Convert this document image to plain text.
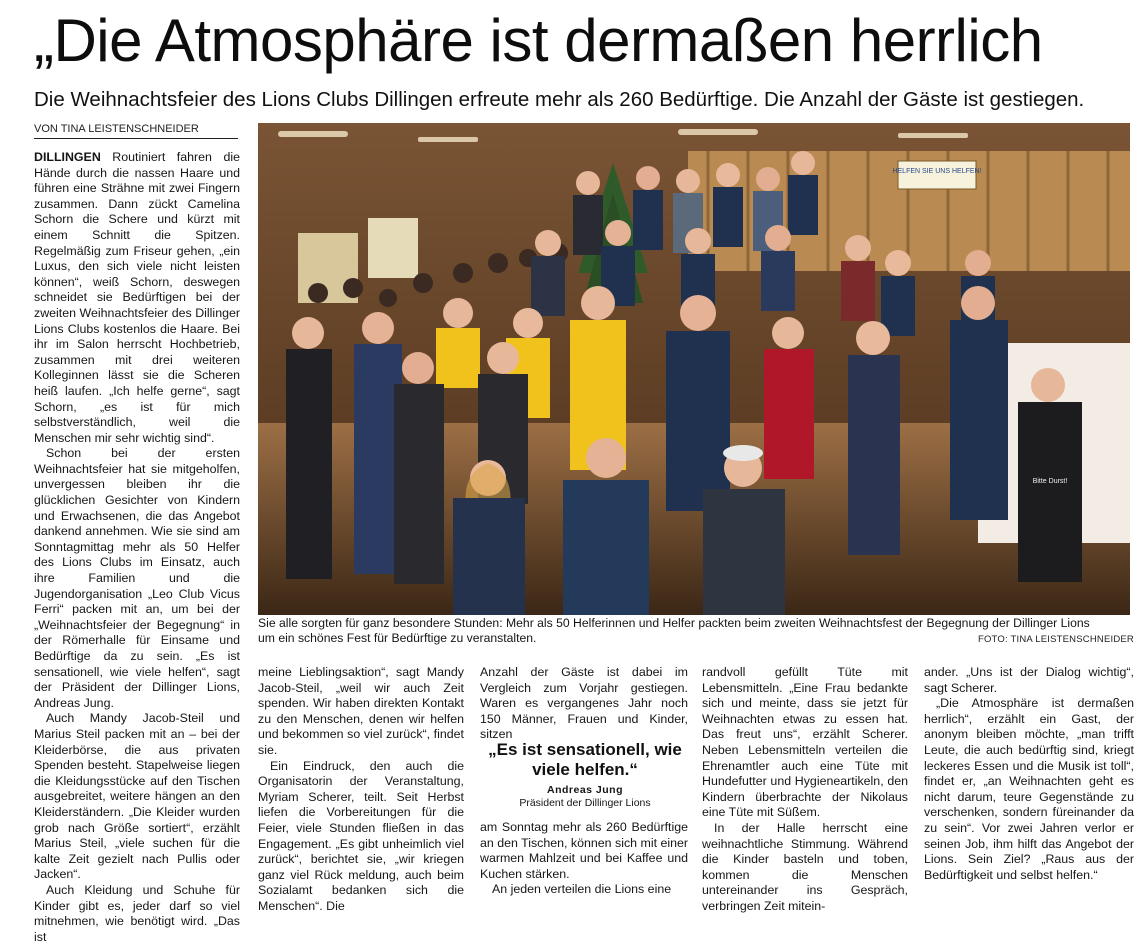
„Die Atmosphäre ist dermaßen herrlich
Die Weihnachtsfeier des Lions Clubs Dillingen erfreute mehr als 260 Bedürftige. Die Anzahl der Gäste ist gestiegen.
VON TINA LEISTENSCHNEIDER

DILLINGEN Routiniert fahren die Hände durch die nassen Haare und führen eine Strähne mit zwei Fingern zusammen. Dann zückt Camelina Schorn die Schere und kürzt mit einem Schnitt die Spitzen. Regelmäßig zum Friseur gehen, „ein Luxus, den sich viele nicht leisten können“, weiß Schorn, deswegen schneidet sie Bedürftigen bei der zweiten Weihnachtsfeier des Dillinger Lions Clubs kostenlos die Haare. Bei ihr im Salon herrscht Hochbetrieb, zusammen mit drei weiteren Kolleginnen lässt sie die Scheren heiß laufen. „Ich helfe gerne“, sagt Schorn, „es ist für mich selbstverständlich, weil die Menschen mir sehr wichtig sind“.

Schon bei der ersten Weihnachtsfeier hat sie mitgeholfen, unvergessen bleiben ihr die glücklichen Gesichter von Kindern und Erwachsenen, die das Angebot dankend annehmen. Wie sie sind am Sonntagmittag mehr als 50 Helfer des Lions Clubs im Einsatz, auch ihre Familien und die Jugendorganisation „Leo Club Vicus Ferri“ packen mit an, um bei der „Weihnachtsfeier der Begegnung“ in der Römerhalle für Einsame und Bedürftige da zu sein. „Es ist sensationell, wie viele helfen“, sagt der Präsident der Dillinger Lions, Andreas Jung.

Auch Mandy Jacob-Steil und Marius Steil packen mit an – bei der Kleiderbörse, die aus privaten Spenden besteht. Stapelweise liegen die Kleidungsstücke auf den Tischen ausgebreitet, weitere hängen an den Kleiderständern. „Die Kleider wurden grob nach Größe sortiert“, erzählt Marius Steil, „viele suchen für die kalte Zeit gezielt nach Pullis oder Jacken“.

Auch Kleidung und Schuhe für Kinder gibt es, jeder darf so viel mitnehmen, wie benötigt wird. „Das ist

HELFEN SIE UNS HELFEN!
Bitte Durst!
Sie alle sorgten für ganz besondere Stunden: Mehr als 50 Helferinnen und Helfer packten beim zweiten Weihnachtsfest der Begegnung der Dillinger Lions
um ein schönes Fest für Bedürftige zu veranstalten.	FOTO: TINA LEISTENSCHNEIDER

meine Lieblingsaktion“, sagt Mandy Jacob-Steil, „weil wir auch Zeit spenden. Wir haben direkten Kontakt zu den Menschen, denen wir helfen und bekommen so viel zurück“, findet sie.

Ein Eindruck, den auch die Organisatorin der Veranstaltung, Myriam Scherer, teilt. Seit Herbst liefen die Vorbereitungen für die Feier, viele Stunden fließen in das Engagement. „Es gibt unheimlich viel zurück“, berichtet sie, „wir kriegen ganz viel Rück meldung, auch beim Sozialamt bedanken sich die Menschen“. Die

Anzahl der Gäste ist dabei im Vergleich zum Vorjahr gestiegen. Waren es vergangenes Jahr noch 150 Männer, Frauen und Kinder, sitzen

„Es ist sensationell, wie viele helfen.“
Andreas Jung
Präsident der Dillinger Lions

am Sonntag mehr als 260 Bedürftige an den Tischen, können sich mit einer warmen Mahlzeit und bei Kaffee und Kuchen stärken.

An jeden verteilen die Lions eine

randvoll gefüllt Tüte mit Lebensmitteln. „Eine Frau bedankte sich und meinte, dass sie jetzt für Weihnachten etwas zu essen hat. Das freut uns“, erzählt Scherer. Neben Lebensmitteln verteilen die Ehrenamtler auch eine Tüte mit Hundefutter und Hygieneartikeln, den Kindern überbrachte der Nikolaus eine Tüte mit Süßem.

In der Halle herrscht eine weihnachtliche Stimmung. Während die Kinder basteln und toben, kommen die Menschen untereinander ins Gespräch, verbringen Zeit mitein-

ander. „Uns ist der Dialog wichtig“, sagt Scherer.

„Die Atmosphäre ist dermaßen herrlich“, erzählt ein Gast, der anonym bleiben möchte, „man trifft Leute, die auch bedürftig sind, kriegt leckeres Essen und die Musik ist toll“, findet er, „an Weihnachten geht es nicht darum, teure Gegenstände zu verschenken, sondern füreinander da zu sein“. Vor zwei Jahren verlor er seinen Job, ihm hilft das Angebot der Lions. Sein Ziel? „Raus aus der Bedürftigkeit und selbst helfen.“
